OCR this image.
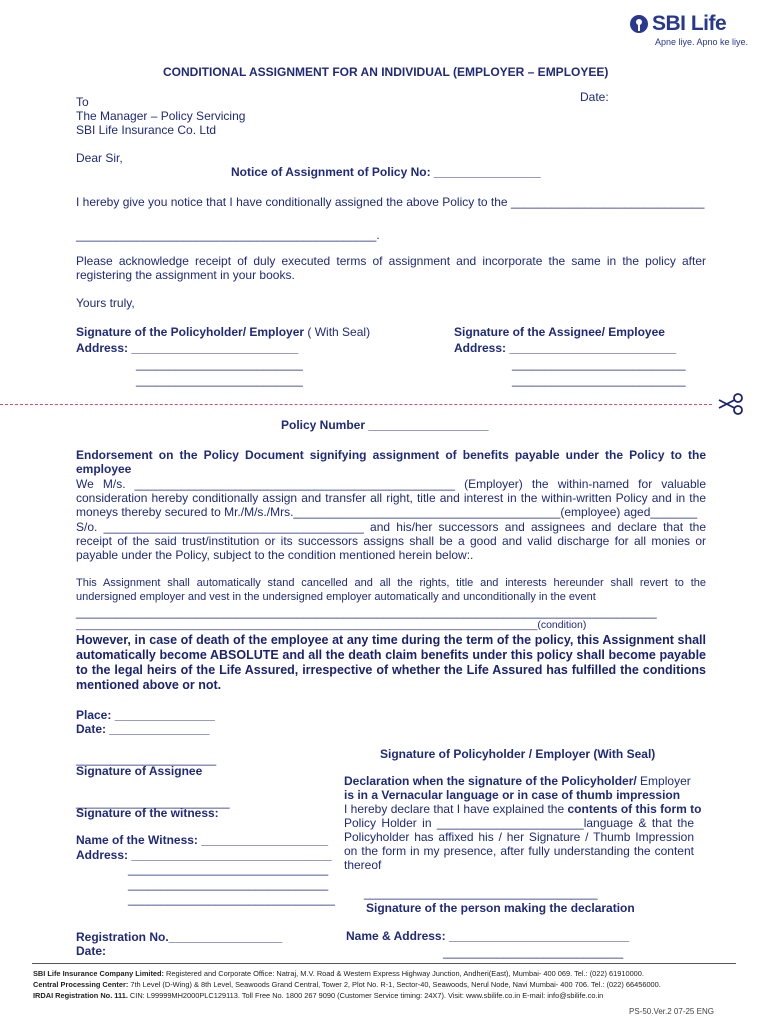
SBI Life
Apne liye. Apno ke liye.
CONDITIONAL ASSIGNMENT FOR AN INDIVIDUAL (EMPLOYER – EMPLOYEE)
Date:
To
The Manager – Policy Servicing
SBI Life Insurance Co. Ltd
Dear Sir,
Notice of Assignment of Policy No: ________________
I hereby give you notice that I have conditionally assigned the above Policy to the _____________________________
_____________________________________________.
Please acknowledge receipt of duly executed terms of assignment and incorporate the same in the policy after registering the assignment in your books.
Yours truly,
Signature of the Policyholder/ Employer ( With Seal)	Signature of the Assignee/ Employee
Address: _________________________
_________________________
_________________________
Address: _________________________
__________________________
__________________________
Policy Number __________________
Endorsement on the Policy Document signifying assignment of benefits payable under the Policy to the employee
We M/s. ________________________________________________ (Employer) the within-named for valuable consideration hereby conditionally assign and transfer all right, title and interest in the within-written Policy and in the moneys thereby secured to Mr./M/s./Mrs.________________________________________(employee) aged_______
S/o. _______________________________________ and his/her successors and assignees and declare that the receipt of the said trust/institution or its successors assigns shall be a good and valid discharge for all monies or payable under the Policy, subject to the condition mentioned herein below:.
This Assignment shall automatically stand cancelled and all the rights, title and interests hereunder shall revert to the undersigned employer and vest in the undersigned employer automatically and unconditionally in the event
_______________________________________________________________________________________
_______________________________________________________________________________(condition)
However, in case of death of the employee at any time during the term of the policy, this Assignment shall automatically become ABSOLUTE and all the death claim benefits under this policy shall become payable to the legal heirs of the Life Assured, irrespective of whether the Life Assured has fulfilled the conditions mentioned above or not.
Place: _______________
Date: _______________
Signature of Policyholder / Employer (With Seal)
_____________________
Signature of Assignee
_______________________
Signature of the witness:
Name of the Witness: ___________________
Address: ______________________________
______________________________
______________________________
_______________________________
Declaration when the signature of the Policyholder/ Employer
is in a Vernacular language or in case of thumb impression
I hereby declare that I have explained the contents of this form to
Policy Holder in ______________________language & that the Policyholder has affixed his / her Signature / Thumb Impression on the form in my presence, after fully understanding the content thereof
___________________________________
Signature of the person making the declaration
Registration No._________________
Date:
Name & Address: ___________________________
___________________________
SBI Life Insurance Company Limited: Registered and Corporate Office: Natraj, M.V. Road & Western Express Highway Junction, Andheri(East), Mumbai- 400 069. Tel.: (022) 61910000.
Central Processing Center: 7th Level (D-Wing) & 8th Level, Seawoods Grand Central, Tower 2, Plot No. R-1, Sector-40, Seawoods, Nerul Node, Navi Mumbai- 400 706. Tel.: (022) 66456000.
IRDAI Registration No. 111. CIN: L99999MH2000PLC129113. Toll Free No. 1800 267 9090 (Customer Service timing: 24X7). Visit: www.sbilife.co.in E-mail: info@sbilife.co.in
PS-50.Ver.2 07-25 ENG
